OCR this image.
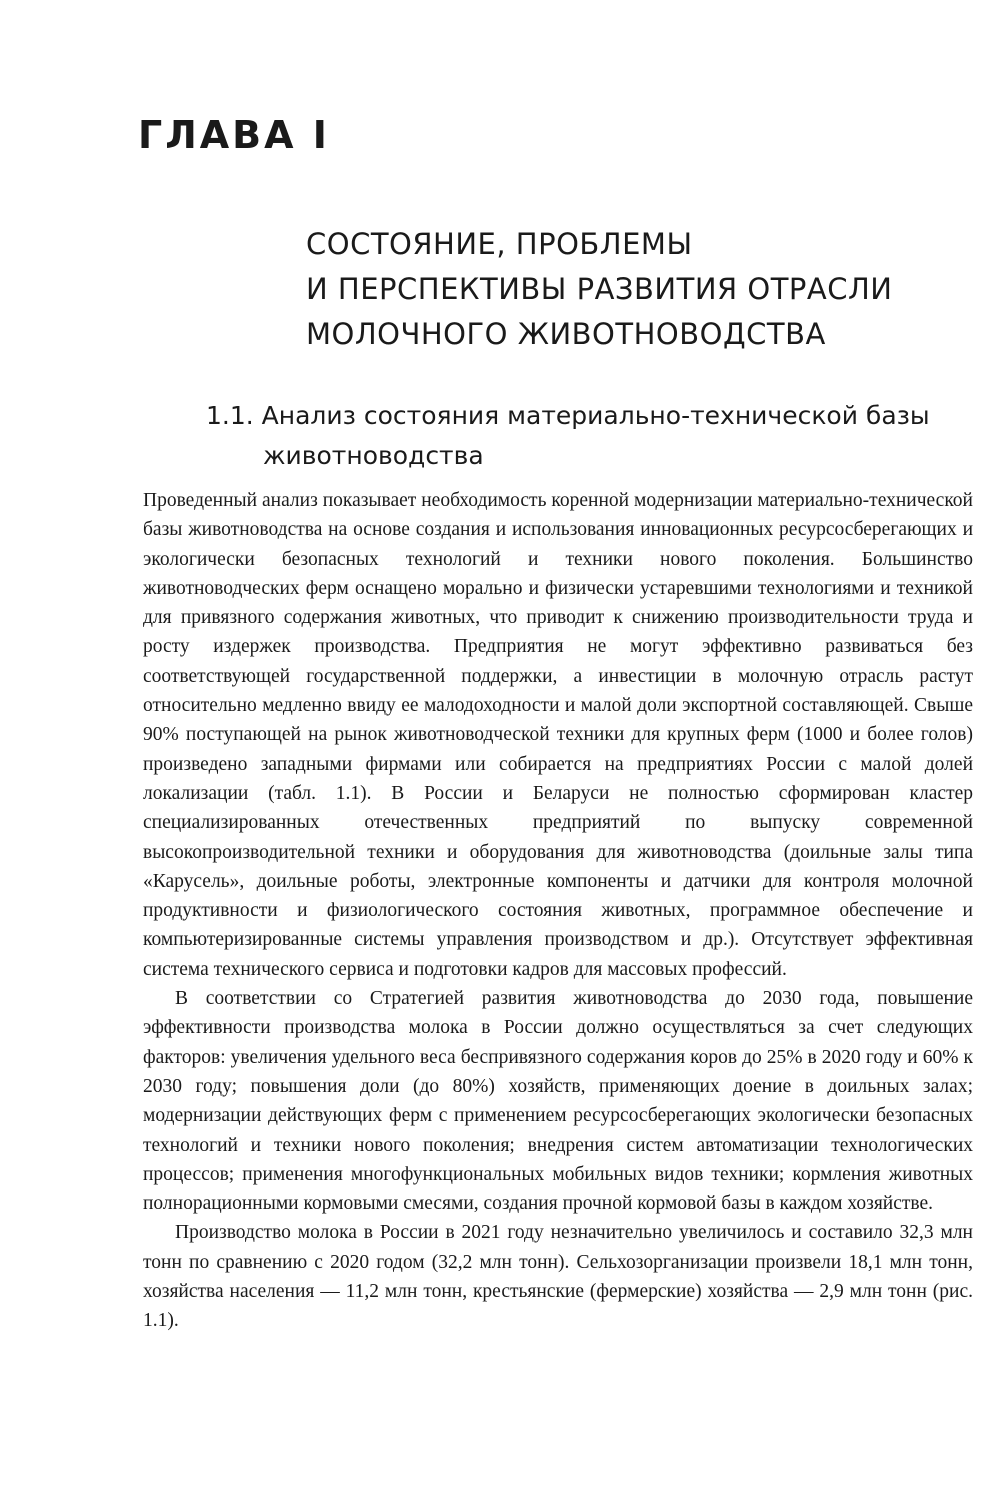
ГЛАВА I
СОСТОЯНИЕ, ПРОБЛЕМЫ
И ПЕРСПЕКТИВЫ РАЗВИТИЯ ОТРАСЛИ
МОЛОЧНОГО ЖИВОТНОВОДСТВА
1.1. Анализ состояния материально-технической базы
животноводства

Проведенный анализ показывает необходимость коренной модернизации материально-технической базы животноводства на основе создания и использования инновационных ресурсосберегающих и экологически безопасных технологий и техники нового поколения. Большинство животноводческих ферм оснащено морально и физически устаревшими технологиями и техникой для привязного содержания животных, что приводит к снижению производительности труда и росту издержек производства. Предприятия не могут эффективно развиваться без соответствующей государственной поддержки, а инвестиции в молочную отрасль растут относительно медленно ввиду ее малодоходности и малой доли экспортной составляющей. Свыше 90% поступающей на рынок животноводческой техники для крупных ферм (1000 и более голов) произведено западными фирмами или собирается на предприятиях России с малой долей локализации (табл. 1.1). В России и Беларуси не полностью сформирован кластер специализированных отечественных предприятий по выпуску современной высокопроизводительной техники и оборудования для животноводства (доильные залы типа «Карусель», доильные роботы, электронные компоненты и датчики для контроля молочной продуктивности и физиологического состояния животных, программное обеспечение и компьютеризированные системы управления производством и др.). Отсутствует эффективная система технического сервиса и подготовки кадров для массовых профессий.

В соответствии со Стратегией развития животноводства до 2030 года, повышение эффективности производства молока в России должно осуществляться за счет следующих факторов: увеличения удельного веса беспривязного содержания коров до 25% в 2020 году и 60% к 2030 году; повышения доли (до 80%) хозяйств, применяющих доение в доильных залах; модернизации действующих ферм с применением ресурсосберегающих экологически безопасных технологий и техники нового поколения; внедрения систем автоматизации технологических процессов; применения многофункциональных мобильных видов техники; кормления животных полнорационными кормовыми смесями, создания прочной кормовой базы в каждом хозяйстве.

Производство молока в России в 2021 году незначительно увеличилось и составило 32,3 млн тонн по сравнению с 2020 годом (32,2 млн тонн). Сельхозорганизации произвели 18,1 млн тонн, хозяйства населения — 11,2 млн тонн, крестьянские (фермерские) хозяйства — 2,9 млн тонн (рис. 1.1).
